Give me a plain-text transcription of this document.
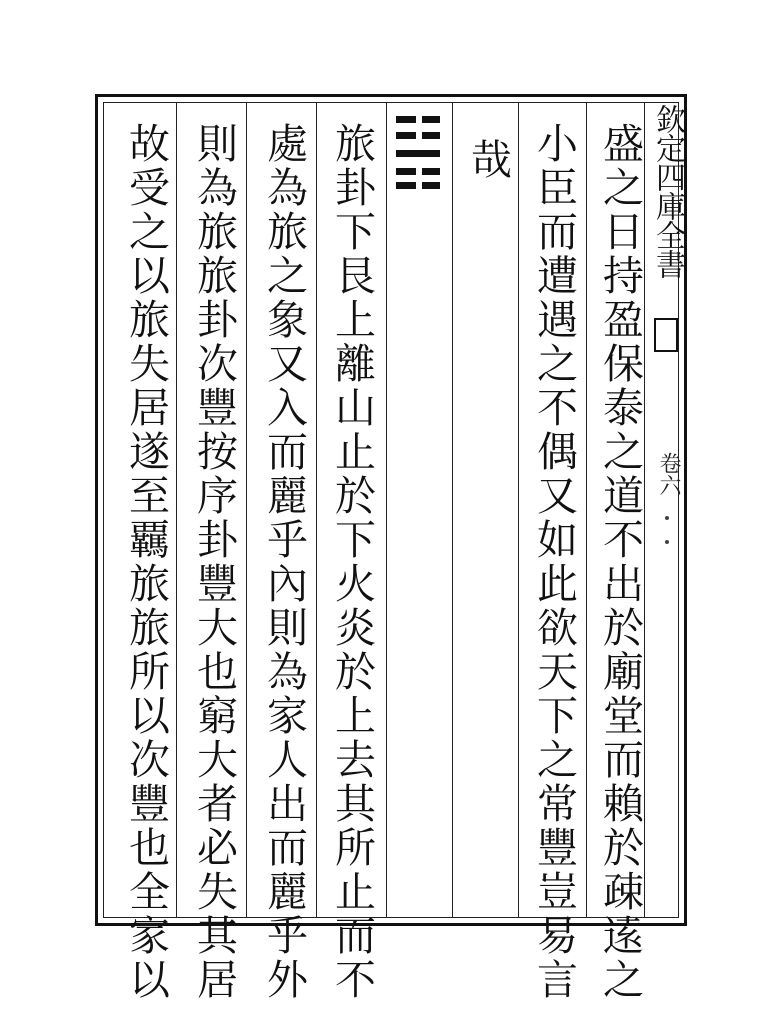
盛之日持盈保泰之道不出於廟堂而賴於疎逺之
小臣而遭遇之不偶又如此欲天下之常豐豈易言
哉
旅卦下艮上離山止於下火炎於上去其所止而不
處為旅之象又入而麗乎內則為家人出而麗乎外
則為旅旅卦次豐按序卦豐大也窮大者必失其居
故受之以旅失居遂至覊旅旅所以次豐也全家以	欽定四庫全書
卷六
